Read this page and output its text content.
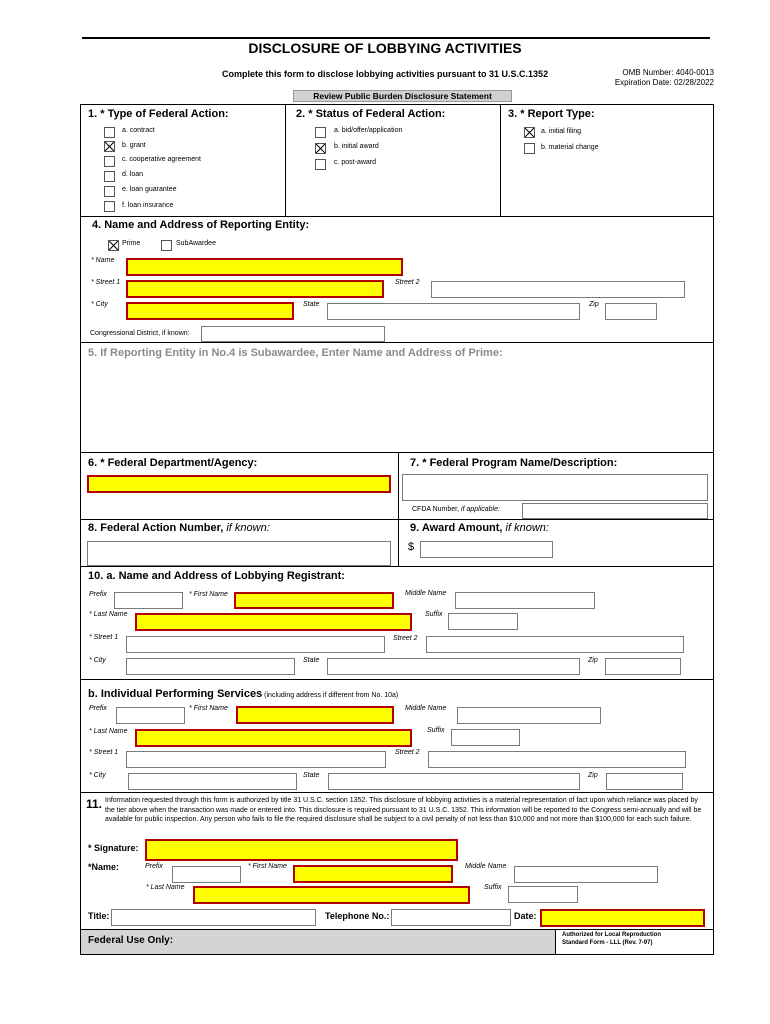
DISCLOSURE OF LOBBYING ACTIVITIES
Complete this form to disclose lobbying activities pursuant to 31 U.S.C.1352	OMB Number: 4040-0013
Expiration Date: 02/28/2022
Review Public Burden Disclosure Statement
1. * Type of Federal Action:
a. contract
b. grant
c. cooperative agreement
d. loan
e. loan guarantee
f. loan insurance
2. * Status of Federal Action:
a. bid/offer/application
b. initial award
c. post-award
3. * Report Type:
a. initial filing
b. material change
4. Name and Address of Reporting Entity:
Prime	SubAwardee
* Name
* Street 1	Street 2
* City	State	Zip
Congressional District, if known:
5. If Reporting Entity in No.4 is Subawardee, Enter Name and Address of Prime:
6. * Federal Department/Agency:	7. * Federal Program Name/Description:
CFDA Number, if applicable:
8. Federal Action Number, if known:	9. Award Amount, if known:
$
10. a. Name and Address of Lobbying Registrant:
Prefix	* First Name	Middle Name
* Last Name	Suffix
* Street 1	Street 2
* City	State	Zip
b. Individual Performing Services (including address if different from No. 10a)
Prefix	* First Name	Middle Name
* Last Name	Suffix
* Street 1	Street 2
* City	State	Zip
11. Information requested through this form is authorized by title 31 U.S.C. section 1352. This disclosure of lobbying activities is a material representation of fact upon which reliance was placed by the tier above when the transaction was made or entered into. This disclosure is required pursuant to 31 U.S.C. 1352. This information will be reported to the Congress semi-annually and will be available for public inspection. Any person who fails to file the required disclosure shall be subject to a civil penalty of not less than $10,000 and not more than $100,000 for each such failure.
* Signature:
*Name:	Prefix	* First Name	Middle Name
* Last Name	Suffix
Title:	Telephone No.:	Date:
Federal Use Only:	Authorized for Local Reproduction
Standard Form - LLL (Rev. 7-97)
